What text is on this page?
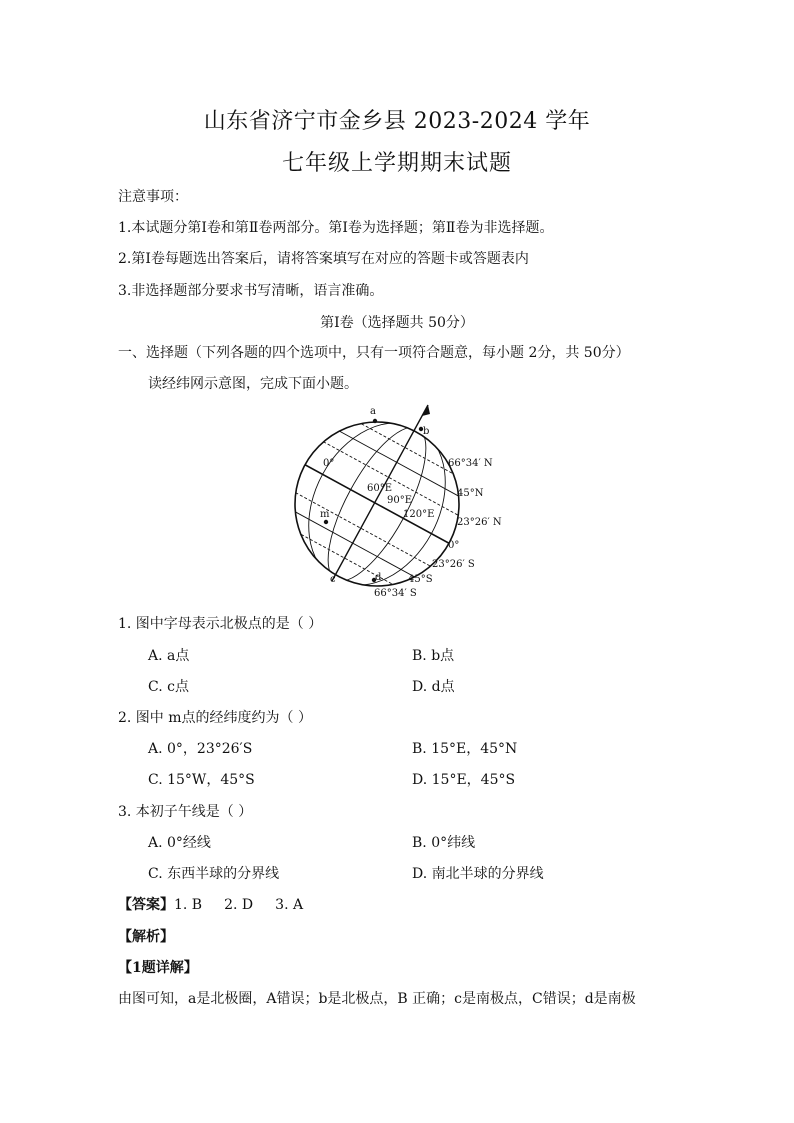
山东省济宁市金乡县 2023-2024 学年
七年级上学期期末试题
注意事项：
1.本试题分第Ⅰ卷和第Ⅱ卷两部分。第Ⅰ卷为选择题；第Ⅱ卷为非选择题。
2.第Ⅰ卷每题选出答案后，请将答案填写在对应的答题卡或答题表内
3.非选择题部分要求书写清晰，语言准确。
第Ⅰ卷（选择题共 50分）
一、选择题（下列各题的四个选项中，只有一项符合题意，每小题 2分，共 50分）
读经纬网示意图，完成下面小题。
a
b
c	d
m
0°
60°E
90°E
120°E
66°34′ N
45°N
23°26′ N
0°
23°26′ S
45°S
66°34′ S
1. 图中字母表示北极点的是（ ）
A. a点	B. b点
C. c点	D. d点
2. 图中 m点的经纬度约为（ ）
A. 0°，23°26′S	B. 15°E，45°N
C. 15°W，45°S	D. 15°E，45°S
3. 本初子午线是（ ）
A. 0°经线	B. 0°纬线
C. 东西半球的分界线	D. 南北半球的分界线
【答案】1. B 2. D 3. A
【解析】
【1题详解】
由图可知，a是北极圈，A错误；b是北极点，B 正确；c是南极点，C错误；d是南极
